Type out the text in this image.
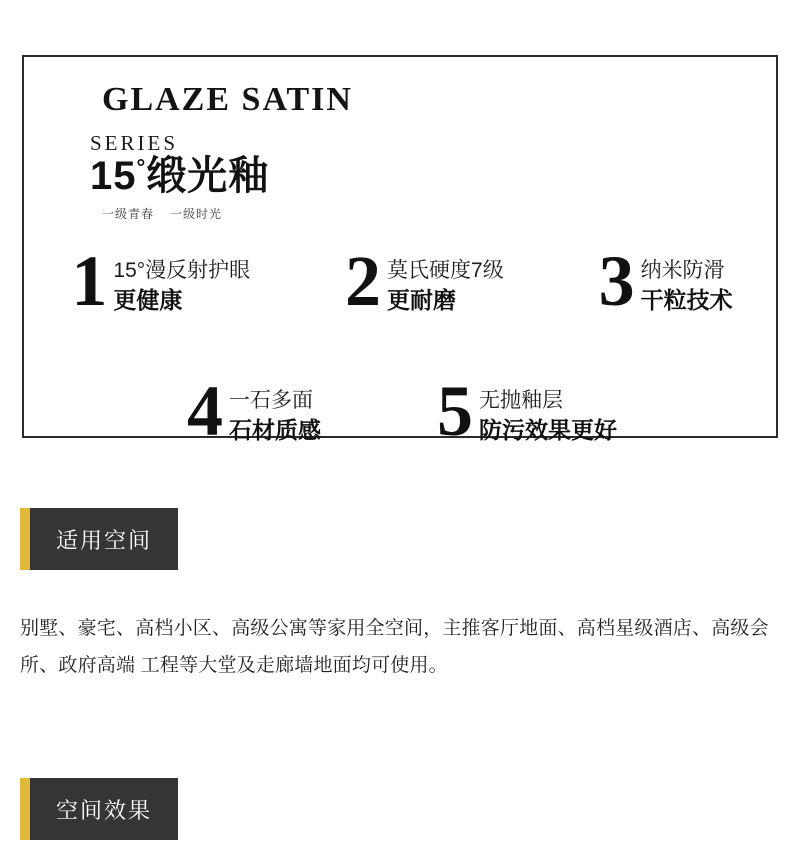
GLAZE SATIN
SERIES
15°缎光釉
一级青春 一级时光
1 15°漫反射护眼
更健康	2 莫氏硬度7级
更耐磨	3 纳米防滑
干粒技术
4 一石多面
石材质感 5 无抛釉层
防污效果更好
适用空间
别墅、豪宅、高档小区、高级公寓等家用全空间，主推客厅地面、高档星级酒店、高级会所、政府高端 工程等大堂及走廊墙地面均可使用。
空间效果
